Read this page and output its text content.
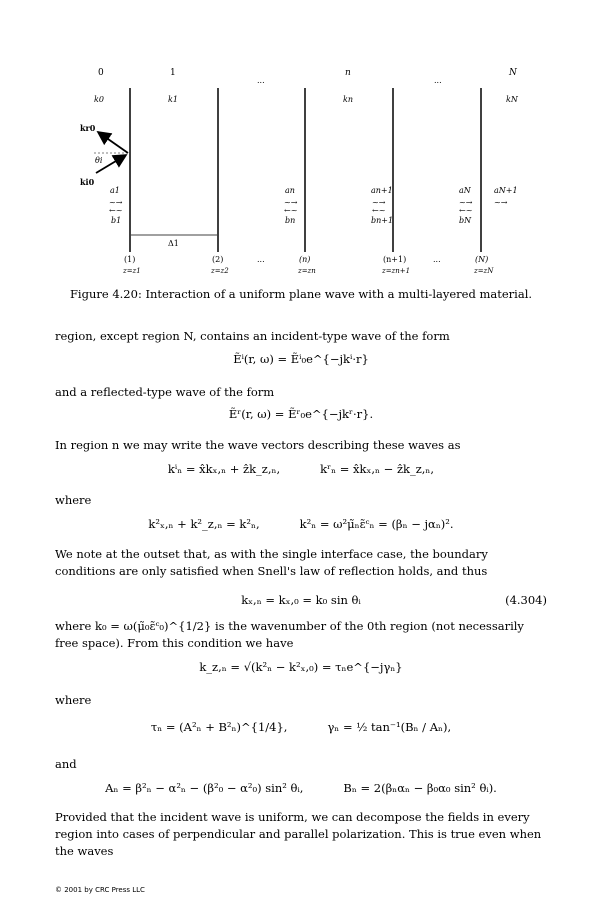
0	1
...
n
...
N
k0	k1	kn	kN
kr0
ki0
θi
a1
~→
←~
b1
an
~→
←~
bn
an+1
~→
←~
bn+1
aN
~→
←~
bN
aN+1
~→
Δ1
(1)	(2)	...	(n)	(n+1)	...	(N)
z=z1	z=z2	z=zn	z=zn+1	z=zN
Figure 4.20: Interaction of a uniform plane wave with a multi-layered material.
region, except region N, contains an incident-type wave of the form
Ẽⁱ(r, ω) = Ẽⁱ₀e^{−jkⁱ·r}
and a reflected-type wave of the form
Ẽʳ(r, ω) = Ẽʳ₀e^{−jkʳ·r}.
In region n we may write the wave vectors describing these waves as
kⁱₙ = x̂kₓ,ₙ + ẑk_z,ₙ,	kʳₙ = x̂kₓ,ₙ − ẑk_z,ₙ,
where
k²ₓ,ₙ + k²_z,ₙ = k²ₙ,	k²ₙ = ω²μ̃ₙε̃ᶜₙ = (βₙ − jαₙ)².
We note at the outset that, as with the single interface case, the boundary conditions are only satisfied when Snell's law of reflection holds, and thus
kₓ,ₙ = kₓ,₀ = k₀ sin θᵢ	(4.304)
where k₀ = ω(μ̃₀ε̃ᶜ₀)^{1/2} is the wavenumber of the 0th region (not necessarily free space). From this condition we have
k_z,ₙ = √(k²ₙ − k²ₓ,₀) = τₙe^{−jγₙ}
where
τₙ = (A²ₙ + B²ₙ)^{1/4},	γₙ = ½ tan⁻¹(Bₙ / Aₙ),
and
Aₙ = β²ₙ − α²ₙ − (β²₀ − α²₀) sin² θᵢ,	Bₙ = 2(βₙαₙ − β₀α₀ sin² θᵢ).
Provided that the incident wave is uniform, we can decompose the fields in every region into cases of perpendicular and parallel polarization. This is true even when the waves
© 2001 by CRC Press LLC
